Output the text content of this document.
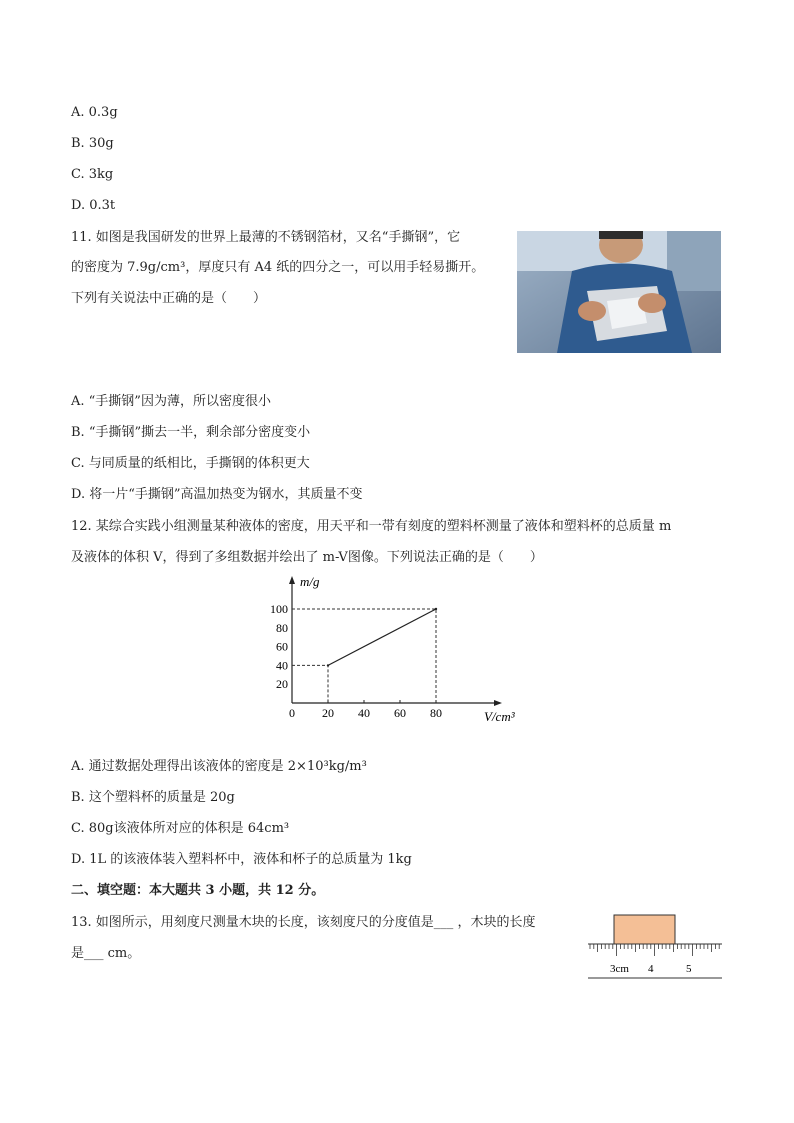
A. 0.3g
B. 30g
C. 3kg
D. 0.3t
11. 如图是我国研发的世界上最薄的不锈钢箔材，又名“手撕钢”，它
的密度为 7.9g/cm³，厚度只有 A4 纸的四分之一，可以用手轻易撕开。
下列有关说法中正确的是（　　）
A. “手撕钢”因为薄，所以密度很小
B. “手撕钢”撕去一半，剩余部分密度变小
C. 与同质量的纸相比，手撕钢的体积更大
D. 将一片“手撕钢”高温加热变为钢水，其质量不变
12. 某综合实践小组测量某种液体的密度，用天平和一带有刻度的塑料杯测量了液体和塑料杯的总质量 m
及液体的体积 V，得到了多组数据并绘出了 m-V图像。下列说法正确的是（　　）
0 20 40 60 80
20
40
60
80
100
V/cm³
m/g
A. 通过数据处理得出该液体的密度是 2×10³kg/m³
B. 这个塑料杯的质量是 20g
C. 80g该液体所对应的体积是 64cm³
D. 1L 的该液体装入塑料杯中，液体和杯子的总质量为 1kg
二、填空题：本大题共 3 小题，共 12 分。
13. 如图所示，用刻度尺测量木块的长度，该刻度尺的分度值是___ ，木块的长度
是___ cm。
3cm 4	5
